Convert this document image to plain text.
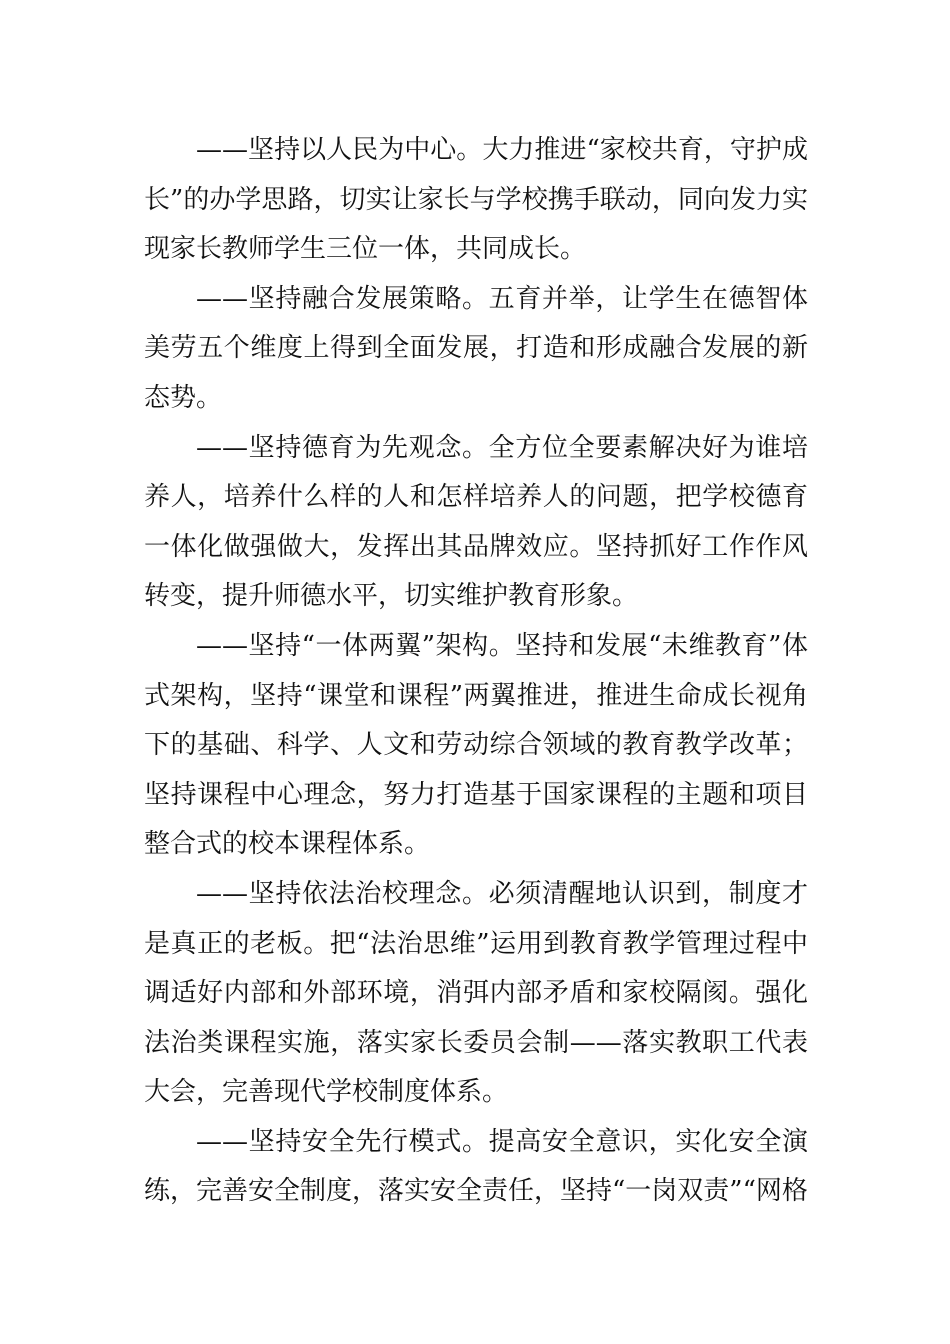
——坚持以人民为中心。大力推进“家校共育，守护成长”的办学思路，切实让家长与学校携手联动，同向发力实现家长教师学生三位一体，共同成长。

——坚持融合发展策略。五育并举，让学生在德智体美劳五个维度上得到全面发展，打造和形成融合发展的新态势。

——坚持德育为先观念。全方位全要素解决好为谁培养人，培养什么样的人和怎样培养人的问题，把学校德育一体化做强做大，发挥出其品牌效应。坚持抓好工作作风转变，提升师德水平，切实维护教育形象。

——坚持“一体两翼”架构。坚持和发展“未维教育”体式架构，坚持“课堂和课程”两翼推进，推进生命成长视角下的基础、科学、人文和劳动综合领域的教育教学改革；坚持课程中心理念，努力打造基于国家课程的主题和项目整合式的校本课程体系。

——坚持依法治校理念。必须清醒地认识到，制度才是真正的老板。把“法治思维”运用到教育教学管理过程中调适好内部和外部环境，消弭内部矛盾和家校隔阂。强化法治类课程实施，落实家长委员会制——落实教职工代表大会，完善现代学校制度体系。

——坚持安全先行模式。提高安全意识，实化安全演练，完善安全制度，落实安全责任，坚持“一岗双责”“网格
